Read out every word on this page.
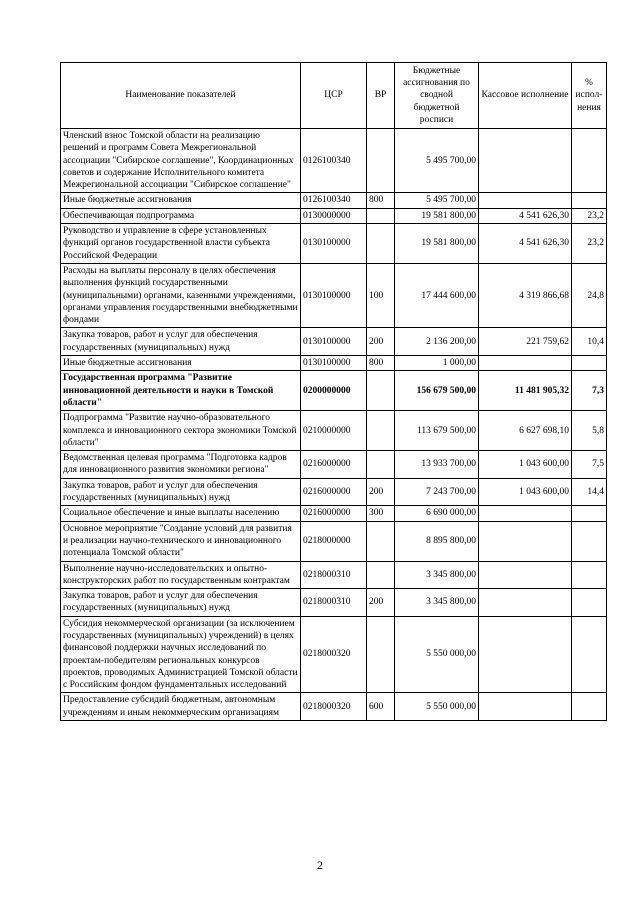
Наименование показателей	ЦСР	ВР	Бюджетные ассигнования по сводной бюджетной росписи	Кассовое исполнение	% испол-нения
Членский взнос Томской области на реализацию решений и программ Совета Межрегиональной ассоциации "Сибирское соглашение", Координационных советов и содержание Исполнительного комитета Межрегиональной ассоциации "Сибирское соглашение"	0126100340		5 495 700,00		
Иные бюджетные ассигнования	0126100340	800	5 495 700,00		
Обеспечивающая подпрограмма	0130000000		19 581 800,00	4 541 626,30	23,2
Руководство и управление в сфере установленных функций органов государственной власти субъекта Российской Федерации	0130100000		19 581 800,00	4 541 626,30	23,2
Расходы на выплаты персоналу в целях обеспечения выполнения функций государственными (муниципальными) органами, казенными учреждениями, органами управления государственными внебюджетными фондами	0130100000	100	17 444 600,00	4 319 866,68	24,8
Закупка товаров, работ и услуг для обеспечения государственных (муниципальных) нужд	0130100000	200	2 136 200,00	221 759,62	10,4
Иные бюджетные ассигнования	0130100000	800	1 000,00		
Государственная программа "Развитие инновационной деятельности и науки в Томской области"	0200000000		156 679 500,00	11 481 905,32	7,3
Подпрограмма "Развитие научно-образовательного комплекса и инновационного сектора экономики Томской области"	0210000000		113 679 500,00	6 627 698,10	5,8
Ведомственная целевая программа "Подготовка кадров для инновационного развития экономики региона"	0216000000		13 933 700,00	1 043 600,00	7,5
Закупка товаров, работ и услуг для обеспечения государственных (муниципальных) нужд	0216000000	200	7 243 700,00	1 043 600,00	14,4
Социальное обеспечение и иные выплаты населению	0216000000	300	6 690 000,00		
Основное мероприятие "Создание условий для развития и реализации научно-технического и инновационного потенциала Томской области"	0218000000		8 895 800,00		
Выполнение научно-исследовательских и опытно-конструкторских работ по государственным контрактам	0218000310		3 345 800,00		
Закупка товаров, работ и услуг для обеспечения государственных (муниципальных) нужд	0218000310	200	3 345 800,00		
Субсидия некоммерческой организации (за исключением государственных (муниципальных) учреждений) в целях финансовой поддержки научных исследований по проектам-победителям региональных конкурсов проектов, проводимых Администрацией Томской области с Российским фондом фундаментальных исследований	0218000320		5 550 000,00		
Предоставление субсидий бюджетным, автономным учреждениям и иным некоммерческим организациям	0218000320	600	5 550 000,00		
2
